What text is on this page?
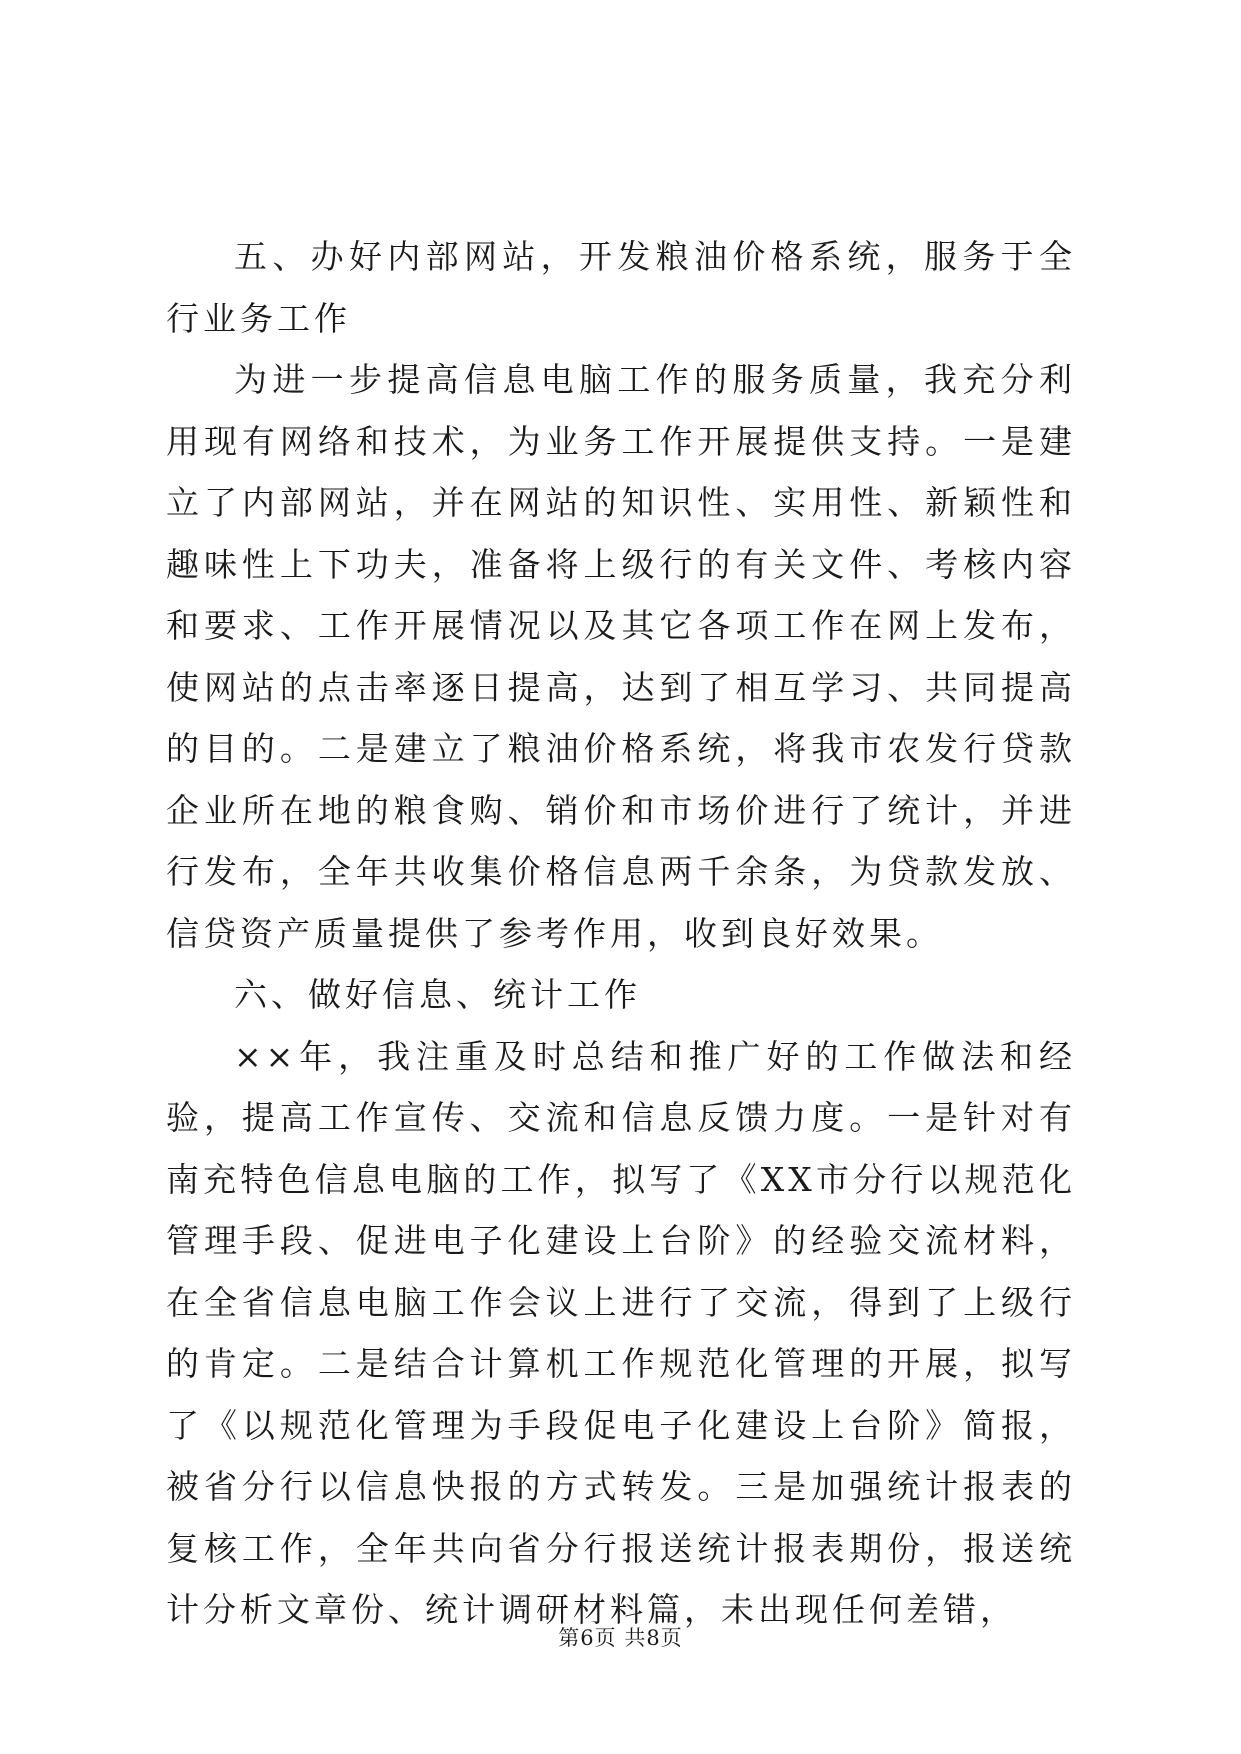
五、办好内部网站，开发粮油价格系统，服务于全行业务工作

为进一步提高信息电脑工作的服务质量，我充分利用现有网络和技术，为业务工作开展提供支持。一是建立了内部网站，并在网站的知识性、实用性、新颖性和趣味性上下功夫，准备将上级行的有关文件、考核内容和要求、工作开展情况以及其它各项工作在网上发布，使网站的点击率逐日提高，达到了相互学习、共同提高的目的。二是建立了粮油价格系统，将我市农发行贷款企业所在地的粮食购、销价和市场价进行了统计，并进行发布，全年共收集价格信息两千余条，为贷款发放、信贷资产质量提供了参考作用，收到良好效果。

六、做好信息、统计工作

××年，我注重及时总结和推广好的工作做法和经验，提高工作宣传、交流和信息反馈力度。一是针对有南充特色信息电脑的工作，拟写了《XX市分行以规范化管理手段、促进电子化建设上台阶》的经验交流材料，在全省信息电脑工作会议上进行了交流，得到了上级行的肯定。二是结合计算机工作规范化管理的开展，拟写了《以规范化管理为手段促电子化建设上台阶》简报，被省分行以信息快报的方式转发。三是加强统计报表的复核工作，全年共向省分行报送统计报表期份，报送统计分析文章份、统计调研材料篇，未出现任何差错，

第6页 共8页
